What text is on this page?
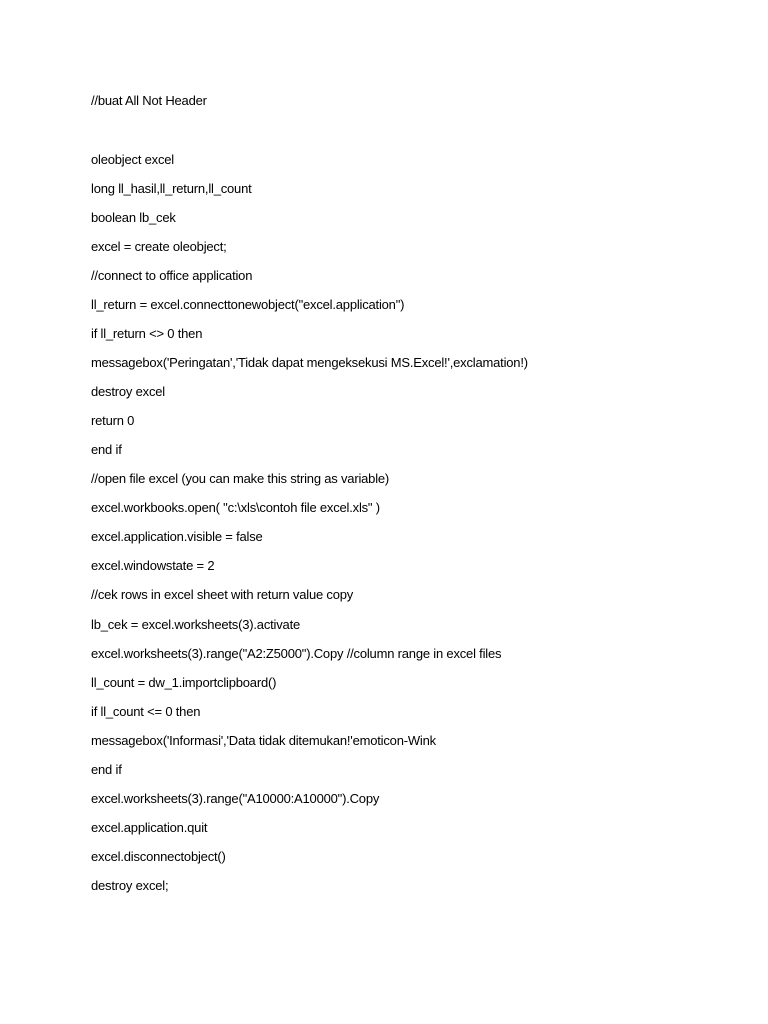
//buat All Not Header
oleobject excel
long ll_hasil,ll_return,ll_count
boolean lb_cek
excel = create oleobject;
//connect to office application
ll_return = excel.connecttonewobject("excel.application")
if ll_return <> 0 then
messagebox('Peringatan','Tidak dapat mengeksekusi MS.Excel!',exclamation!)
destroy excel
return 0
end if
//open file excel (you can make this string as variable)
excel.workbooks.open( "c:\xls\contoh file excel.xls" )
excel.application.visible = false
excel.windowstate = 2
//cek rows in excel sheet with return value copy
lb_cek = excel.worksheets(3).activate
excel.worksheets(3).range("A2:Z5000").Copy //column range in excel files
ll_count = dw_1.importclipboard()
if ll_count <= 0 then
messagebox('Informasi','Data tidak ditemukan!'emoticon-Wink
end if
excel.worksheets(3).range("A10000:A10000").Copy
excel.application.quit
excel.disconnectobject()
destroy excel;
